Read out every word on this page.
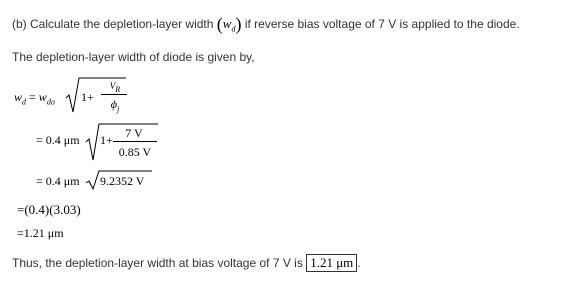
(b) Calculate the depletion-layer width $(w_d)$ if reverse bias voltage of 7 V is applied to the diode.
The depletion-layer width of diode is given by,
$w_d = w_{do}$ 1+
$V_R$
$\phi_j$
= 0.4 μm 1+	7 V
0.85 V
= 0.4 μm 9.2352 V
=(0.4)(3.03)
=1.21 μm
Thus, the depletion-layer width at bias voltage of 7 V is 1.21 μm .
